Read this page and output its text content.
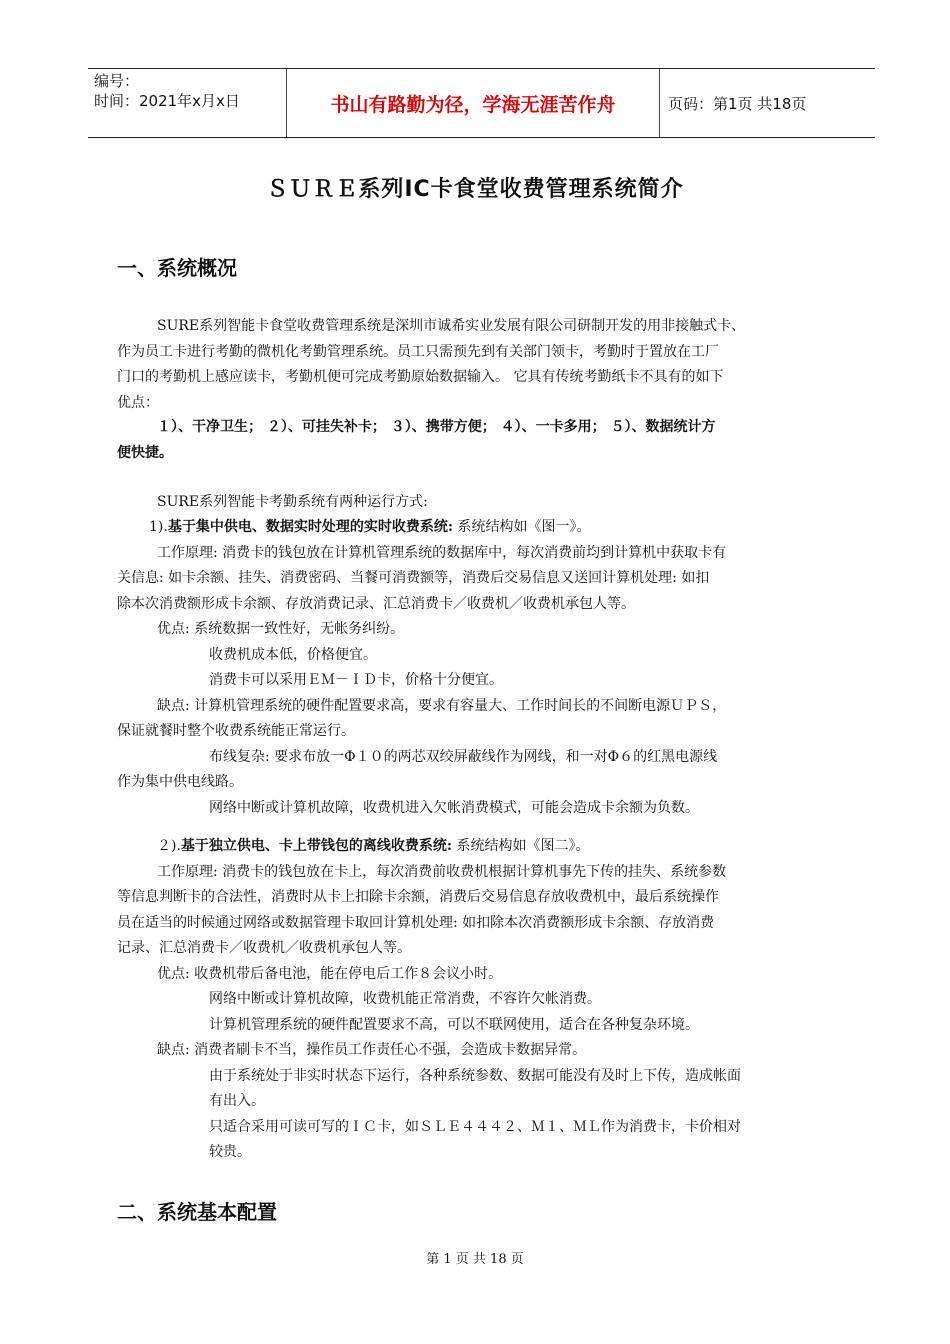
编号：
时间：2021年x月x日	书山有路勤为径，学海无涯苦作舟	页码：第1页 共18页
ＳＵＲＥ系列IC卡食堂收费管理系统简介
一、系统概况
SURE系列智能卡食堂收费管理系统是深圳市诚希实业发展有限公司研制开发的用非接触式卡、
作为员工卡进行考勤的微机化考勤管理系统。员工只需预先到有关部门领卡，考勤时于置放在工厂
门口的考勤机上感应读卡，考勤机便可完成考勤原始数据输入。 它具有传统考勤纸卡不具有的如下
优点：
１）、干净卫生； ２）、可挂失补卡； ３）、携带方便； ４）、一卡多用； ５）、数据统计方
便快捷。
SURE系列智能卡考勤系统有两种运行方式:
1).基于集中供电、数据实时处理的实时收费系统: 系统结构如《图一》。
工作原理: 消费卡的钱包放在计算机管理系统的数据库中，每次消费前均到计算机中获取卡有
关信息: 如卡余额、挂失、消费密码、当餐可消费额等，消费后交易信息又送回计算机处理: 如扣
除本次消费额形成卡余额、存放消费记录、汇总消费卡／收费机／收费机承包人等。
优点: 系统数据一致性好，无帐务纠纷。
收费机成本低，价格便宜。
消费卡可以采用ＥＭ－ＩＤ卡，价格十分便宜。
缺点: 计算机管理系统的硬件配置要求高，要求有容量大、工作时间长的不间断电源ＵＰＳ，
保证就餐时整个收费系统能正常运行。
布线复杂: 要求布放一Φ１０的两芯双绞屏蔽线作为网线，和一对Φ６的红黑电源线
作为集中供电线路。
网络中断或计算机故障，收费机进入欠帐消费模式，可能会造成卡余额为负数。
２).基于独立供电、卡上带钱包的离线收费系统: 系统结构如《图二》。
工作原理: 消费卡的钱包放在卡上，每次消费前收费机根据计算机事先下传的挂失、系统参数
等信息判断卡的合法性，消费时从卡上扣除卡余额，消费后交易信息存放收费机中，最后系统操作
员在适当的时候通过网络或数据管理卡取回计算机处理: 如扣除本次消费额形成卡余额、存放消费
记录、汇总消费卡／收费机／收费机承包人等。
优点: 收费机带后备电池，能在停电后工作８会议小时。
网络中断或计算机故障，收费机能正常消费，不容许欠帐消费。
计算机管理系统的硬件配置要求不高，可以不联网使用，适合在各种复杂环境。
缺点: 消费者刷卡不当，操作员工作责任心不强，会造成卡数据异常。
由于系统处于非实时状态下运行，各种系统参数、数据可能没有及时上下传，造成帐面
有出入。
只适合采用可读可写的ＩＣ卡，如ＳＬＥ４４４２、Ｍ１、ＭＬ作为消费卡，卡价相对
较贵。
二、系统基本配置
第 1 页 共 18 页
